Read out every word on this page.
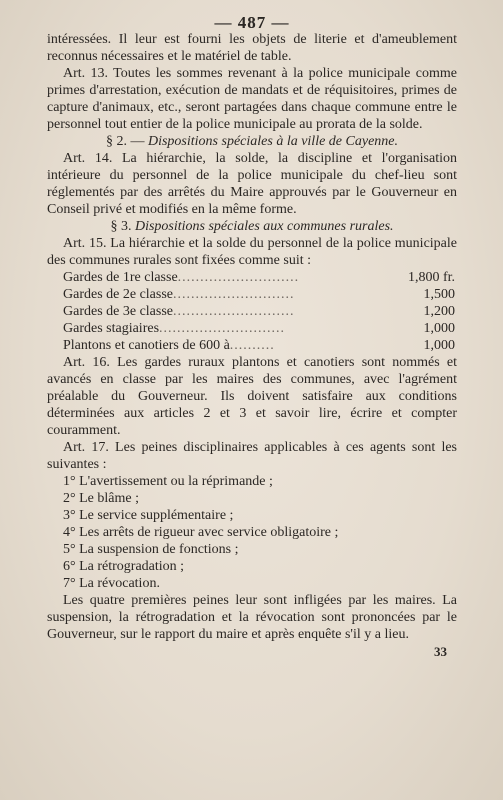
— 487 —

intéressées. Il leur est fourni les objets de literie et d'ameublement reconnus nécessaires et le matériel de table.

Art. 13. Toutes les sommes revenant à la police municipale comme primes d'arrestation, exécution de mandats et de réquisitoires, primes de capture d'animaux, etc., seront partagées dans chaque commune entre le personnel tout entier de la police municipale au prorata de la solde.

§ 2. — Dispositions spéciales à la ville de Cayenne.

Art. 14. La hiérarchie, la solde, la discipline et l'organisation intérieure du personnel de la police municipale du chef-lieu sont réglementés par des arrêtés du Maire approuvés par le Gouverneur en Conseil privé et modifiés en la même forme.

§ 3. Dispositions spéciales aux communes rurales.

Art. 15. La hiérarchie et la solde du personnel de la police municipale des communes rurales sont fixées comme suit :

Gardes de 1re classe...........................	1,800 fr.
Gardes de 2e classe...........................	1,500
Gardes de 3e classe...........................	1,200
Gardes stagiaires............................	1,000
Plantons et canotiers de 600 à..........	1,000

Art. 16. Les gardes ruraux plantons et canotiers sont nommés et avancés en classe par les maires des communes, avec l'agrément préalable du Gouverneur. Ils doivent satisfaire aux conditions déterminées aux articles 2 et 3 et savoir lire, écrire et compter couramment.

Art. 17. Les peines disciplinaires applicables à ces agents sont les suivantes :

1° L'avertissement ou la réprimande ;

2° Le blâme ;

3° Le service supplémentaire ;

4° Les arrêts de rigueur avec service obligatoire ;

5° La suspension de fonctions ;

6° La rétrogradation ;

7° La révocation.

Les quatre premières peines leur sont infligées par les maires. La suspension, la rétrogradation et la révocation sont prononcées par le Gouverneur, sur le rapport du maire et après enquête s'il y a lieu.

33
